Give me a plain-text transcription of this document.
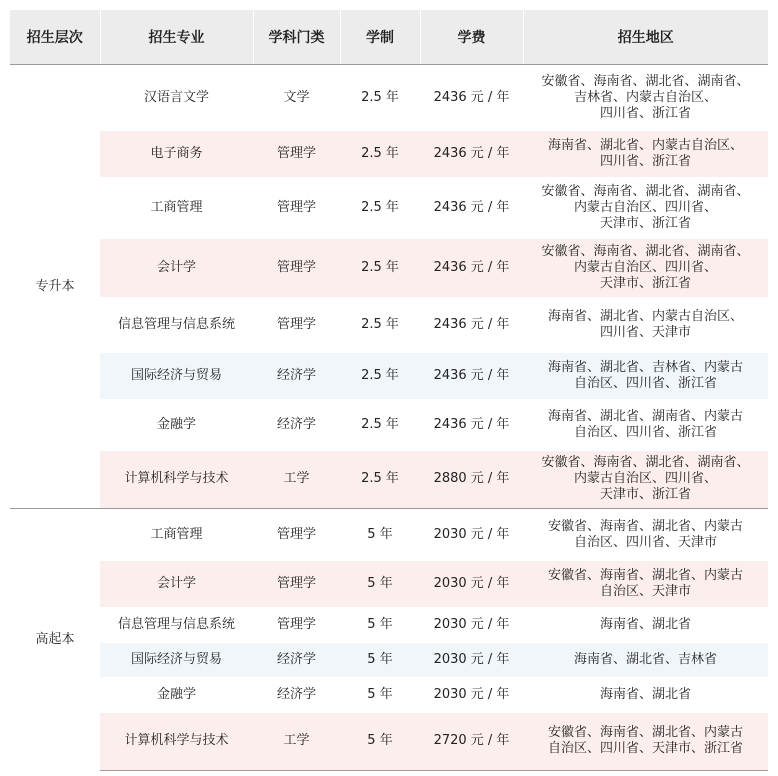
招生层次	招生专业	学科门类	学制	学费	招生地区
专升本	汉语言文学	文学	2.5 年	2436 元 / 年	安徽省、海南省、湖北省、湖南省、
吉林省、内蒙古自治区、
四川省、浙江省

	电子商务	管理学	2.5 年	2436 元 / 年	海南省、湖北省、内蒙古自治区、
四川省、浙江省

	工商管理	管理学	2.5 年	2436 元 / 年	安徽省、海南省、湖北省、湖南省、
内蒙古自治区、四川省、
天津市、浙江省

	会计学	管理学	2.5 年	2436 元 / 年	安徽省、海南省、湖北省、湖南省、
内蒙古自治区、四川省、
天津市、浙江省

	信息管理与信息系统	管理学	2.5 年	2436 元 / 年	海南省、湖北省、内蒙古自治区、
四川省、天津市

	国际经济与贸易	经济学	2.5 年	2436 元 / 年	海南省、湖北省、吉林省、内蒙古
自治区、四川省、浙江省

	金融学	经济学	2.5 年	2436 元 / 年	海南省、湖北省、湖南省、内蒙古
自治区、四川省、浙江省

	计算机科学与技术	工学	2.5 年	2880 元 / 年	安徽省、海南省、湖北省、湖南省、
内蒙古自治区、四川省、
天津市、浙江省

高起本	工商管理	管理学	5 年	2030 元 / 年	安徽省、海南省、湖北省、内蒙古
自治区、四川省、天津市

	会计学	管理学	5 年	2030 元 / 年	安徽省、海南省、湖北省、内蒙古
自治区、天津市

	信息管理与信息系统	管理学	5 年	2030 元 / 年	海南省、湖北省

	国际经济与贸易	经济学	5 年	2030 元 / 年	海南省、湖北省、吉林省

	金融学	经济学	5 年	2030 元 / 年	海南省、湖北省

	计算机科学与技术	工学	5 年	2720 元 / 年	安徽省、海南省、湖北省、内蒙古
自治区、四川省、天津市、浙江省
